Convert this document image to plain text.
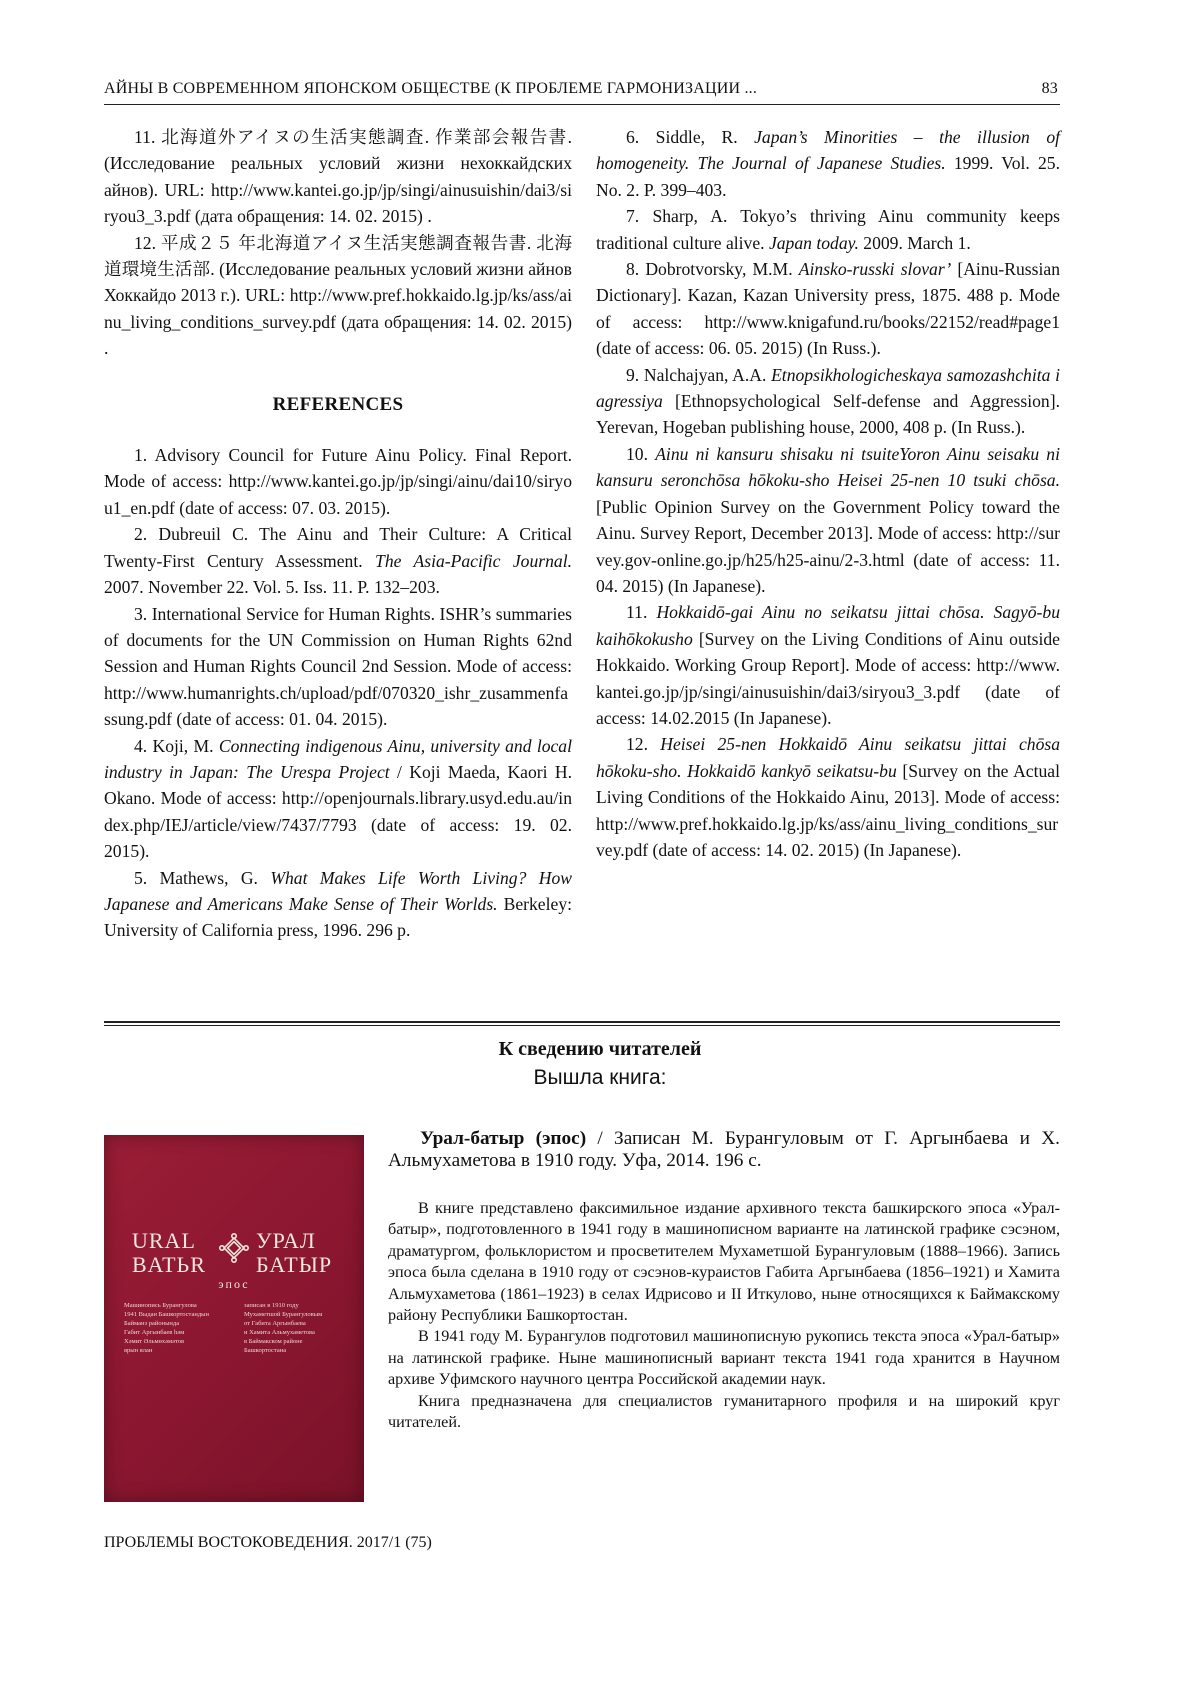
АЙНЫ В СОВРЕМЕННОМ ЯПОНСКОМ ОБЩЕСТВЕ (К ПРОБЛЕМЕ ГАРМОНИЗАЦИИ ...	83

11. 北海道外アイヌの生活実態調査. 作業部会報告書. (Исследование реальных условий жизни нехоккайдских айнов). URL: http://www.kantei.go.jp/jp/singi/ainusuishin/dai3/siryou3_3.pdf (дата обращения: 14. 02. 2015) .

12. 平成２５ 年北海道アイヌ生活実態調査報告書. 北海道環境生活部. (Исследование реальных условий жизни айнов Хоккайдо 2013 г.). URL: http://www.pref.hokkaido.lg.jp/ks/ass/ainu_living_conditions_survey.pdf (дата обращения: 14. 02. 2015) .

REFERENCES

1. Advisory Council for Future Ainu Policy. Final Report. Mode of access: http://www.kantei.go.jp/jp/singi/ainu/dai10/siryou1_en.pdf (date of access: 07. 03. 2015).

2. Dubreuil C. The Ainu and Their Culture: A Critical Twenty-First Century Assessment. The Asia-Pacific Journal. 2007. November 22. Vol. 5. Iss. 11. P. 132–203.

3. International Service for Human Rights. ISHR’s summaries of documents for the UN Commission on Human Rights 62nd Session and Human Rights Council 2nd Session. Mode of access: http://www.humanrights.ch/upload/pdf/070320_ishr_zusammenfassung.pdf (date of access: 01. 04. 2015).

4. Koji, M. Connecting indigenous Ainu, university and local industry in Japan: The Urespa Project / Koji Maeda, Kaori H. Okano. Mode of access: http://openjournals.library.usyd.edu.au/index.php/IEJ/article/view/7437/7793 (date of access: 19. 02. 2015).

5. Mathews, G. What Makes Life Worth Living? How Japanese and Americans Make Sense of Their Worlds. Berkeley: University of California press, 1996. 296 p.

6. Siddle, R. Japan’s Minorities – the illusion of homogeneity. The Journal of Japanese Studies. 1999. Vol. 25. No. 2. P. 399–403.

7. Sharp, A. Tokyo’s thriving Ainu community keeps traditional culture alive. Japan today. 2009. March 1.

8. Dobrotvorsky, M.M. Ainsko-russki slovar’ [Ainu-Russian Dictionary]. Kazan, Kazan University press, 1875. 488 p. Mode of access: http://www.knigafund.ru/books/22152/read#page1 (date of access: 06. 05. 2015) (In Russ.).

9. Nalchajyan, A.A. Etnopsikhologicheskaya samozashchita i agressiya [Ethnopsychological Self-defense and Aggression]. Yerevan, Hogeban publishing house, 2000, 408 p. (In Russ.).

10. Ainu ni kansuru shisaku ni tsuiteYoron Ainu seisaku ni kansuru seronchōsa hōkoku-sho Heisei 25-nen 10 tsuki chōsa. [Public Opinion Survey on the Government Policy toward the Ainu. Survey Report, December 2013]. Mode of access: http://survey.gov-online.go.jp/h25/h25-ainu/2-3.html (date of access: 11. 04. 2015) (In Japanese).

11. Hokkaidō-gai Ainu no seikatsu jittai chōsa. Sagyō-bu kaihōkokusho [Survey on the Living Conditions of Ainu outside Hokkaido. Working Group Report]. Mode of access: http://www.kantei.go.jp/jp/singi/ainusuishin/dai3/siryou3_3.pdf (date of access: 14.02.2015 (In Japanese).

12. Heisei 25-nen Hokkaidō Ainu seikatsu jittai chōsa hōkoku-sho. Hokkaidō kankyō seikatsu-bu [Survey on the Actual Living Conditions of the Hokkaido Ainu, 2013]. Mode of access: http://www.pref.hokkaido.lg.jp/ks/ass/ainu_living_conditions_survey.pdf (date of access: 14. 02. 2015) (In Japanese).

К сведению читателей
Вышла книга:
URAL
BATЬR
УРАЛ
БАТЫР
эпос
Машинопись Бурангулова
1941 Выдан Башкортостандын
Байманз районында
Габит Аргынбаев hәм
Хәмит Әльмөхәмәтов
ярын ялан
записан в 1910 году
Мухаметшой Бурангуловым
от Габита Аргынбаева
и Хамита Альмухаметова
в Баймакском районе
Башкортостана

Урал-батыр (эпос) / Записан М. Бурангуловым от Г. Аргынбаева и Х. Альмухаметова в 1910 году. Уфа, 2014. 196 с.

В книге представлено факсимильное издание архивного текста башкирского эпоса «Урал-батыр», подготовленного в 1941 году в машинописном варианте на латинской графике сэсэном, драматургом, фольклористом и просветителем Мухаметшой Бурангуловым (1888–1966). Запись эпоса была сделана в 1910 году от сэсэнов-кураистов Габита Аргынбаева (1856–1921) и Хамита Альмухаметова (1861–1923) в селах Идрисово и II Иткулово, ныне относящихся к Баймакскому району Республики Башкортостан.

В 1941 году М. Бурангулов подготовил машинописную рукопись текста эпоса «Урал-батыр» на латинской графике. Ныне машинописный вариант текста 1941 года хранится в Научном архиве Уфимского научного центра Российской академии наук.

Книга предназначена для специалистов гуманитарного профиля и на широкий круг читателей.

ПРОБЛЕМЫ ВОСТОКОВЕДЕНИЯ. 2017/1 (75)
